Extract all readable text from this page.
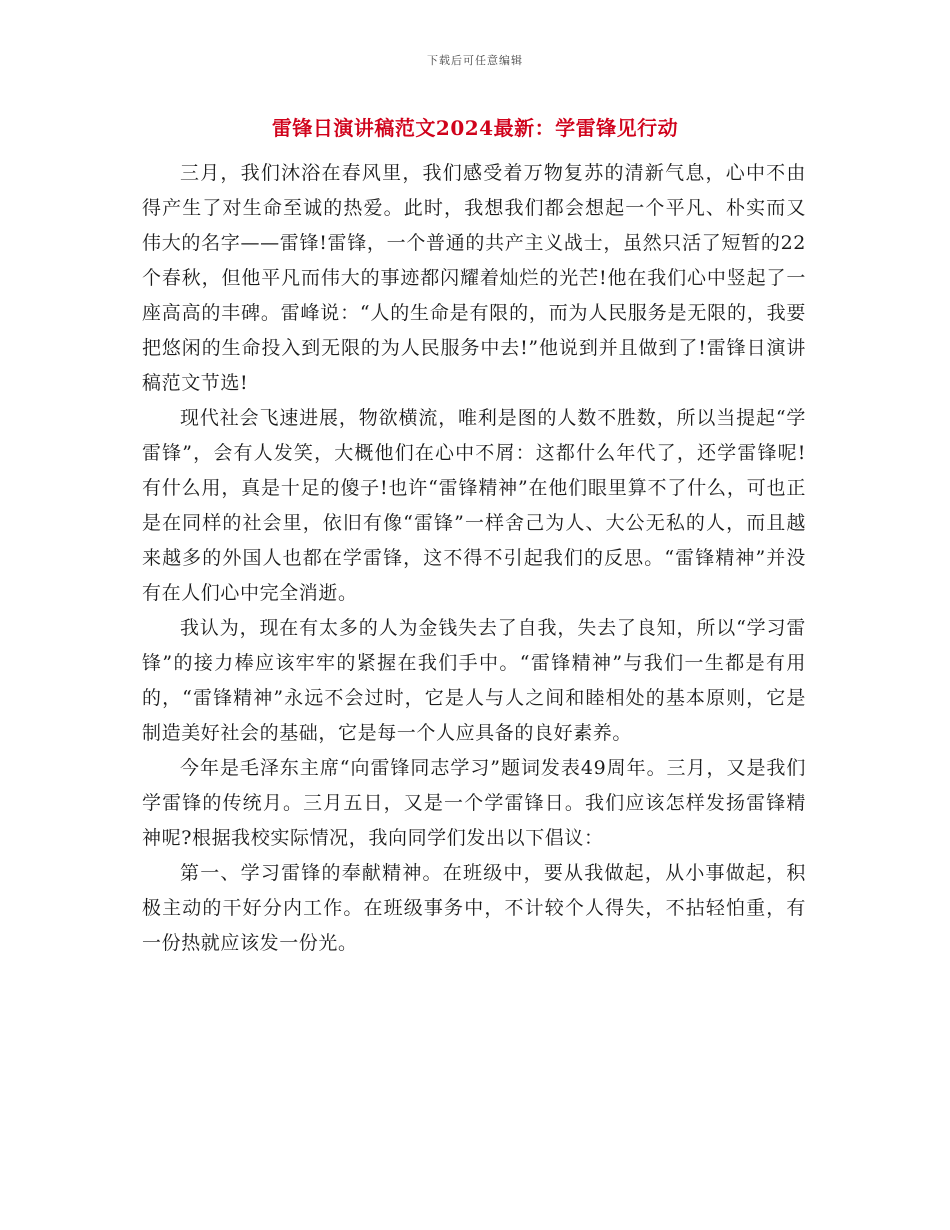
下载后可任意编辑
雷锋日演讲稿范文2024最新：学雷锋见行动

三月，我们沐浴在春风里，我们感受着万物复苏的清新气息，心中不由得产生了对生命至诚的热爱。此时，我想我们都会想起一个平凡、朴实而又伟大的名字——雷锋!雷锋，一个普通的共产主义战士，虽然只活了短暂的22个春秋，但他平凡而伟大的事迹都闪耀着灿烂的光芒!他在我们心中竖起了一座高高的丰碑。雷峰说：“人的生命是有限的，而为人民服务是无限的，我要把悠闲的生命投入到无限的为人民服务中去!”他说到并且做到了!雷锋日演讲稿范文节选!

现代社会飞速进展，物欲横流，唯利是图的人数不胜数，所以当提起“学雷锋”，会有人发笑，大概他们在心中不屑：这都什么年代了，还学雷锋呢!有什么用，真是十足的傻子!也许“雷锋精神”在他们眼里算不了什么，可也正是在同样的社会里，依旧有像“雷锋”一样舍己为人、大公无私的人，而且越来越多的外国人也都在学雷锋，这不得不引起我们的反思。“雷锋精神”并没有在人们心中完全消逝。

我认为，现在有太多的人为金钱失去了自我，失去了良知，所以“学习雷锋”的接力棒应该牢牢的紧握在我们手中。“雷锋精神”与我们一生都是有用的，“雷锋精神”永远不会过时，它是人与人之间和睦相处的基本原则，它是制造美好社会的基础，它是每一个人应具备的良好素养。

今年是毛泽东主席“向雷锋同志学习”题词发表49周年。三月，又是我们学雷锋的传统月。三月五日，又是一个学雷锋日。我们应该怎样发扬雷锋精神呢?根据我校实际情况，我向同学们发出以下倡议：

第一、学习雷锋的奉献精神。在班级中，要从我做起，从小事做起，积极主动的干好分内工作。在班级事务中，不计较个人得失，不拈轻怕重，有一份热就应该发一份光。
